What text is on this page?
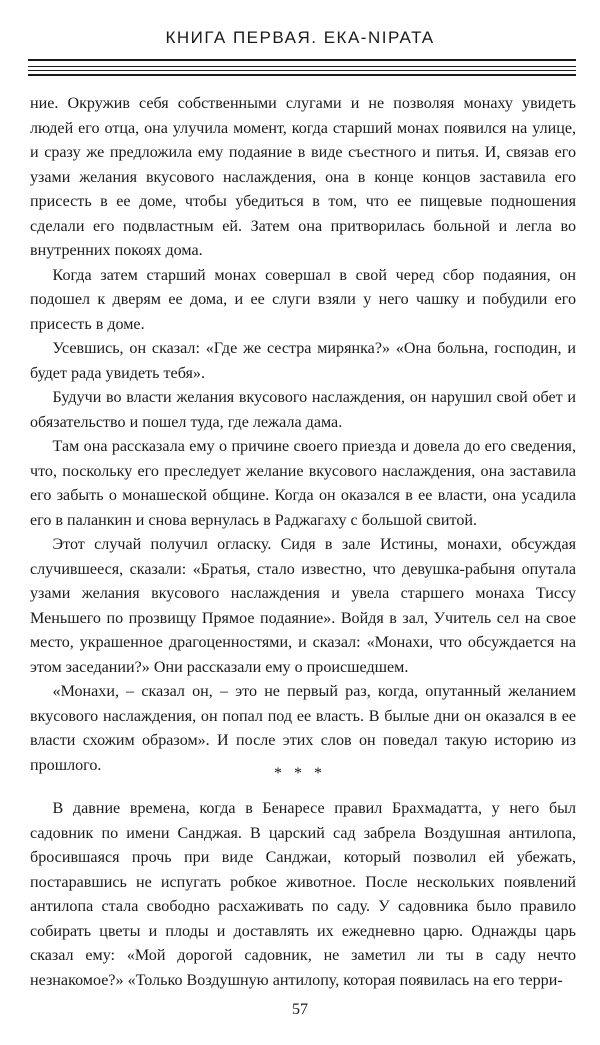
КНИГА ПЕРВАЯ. ЕКА-NIPATA

ние. Окружив себя собственными слугами и не позволяя монаху увидеть людей его отца, она улучила момент, когда старший монах появился на улице, и сразу же предложила ему подаяние в виде съестного и питья. И, связав его узами желания вкусового наслаждения, она в конце концов заставила его присесть в ее доме, чтобы убедиться в том, что ее пищевые подношения сделали его подвластным ей. Затем она притворилась больной и легла во внутренних покоях дома.

Когда затем старший монах совершал в свой черед сбор подаяния, он подошел к дверям ее дома, и ее слуги взяли у него чашку и побудили его присесть в доме.

Усевшись, он сказал: «Где же сестра мирянка?» «Она больна, господин, и будет рада увидеть тебя».

Будучи во власти желания вкусового наслаждения, он нарушил свой обет и обязательство и пошел туда, где лежала дама.

Там она рассказала ему о причине своего приезда и довела до его сведения, что, поскольку его преследует желание вкусового наслаждения, она заставила его забыть о монашеской общине. Когда он оказался в ее власти, она усадила его в паланкин и снова вернулась в Раджагаху с большой свитой.

Этот случай получил огласку. Сидя в зале Истины, монахи, обсуждая случившееся, сказали: «Братья, стало известно, что девушка-рабыня опутала узами желания вкусового наслаждения и увела старшего монаха Тиссу Меньшего по прозвищу Прямое подаяние». Войдя в зал, Учитель сел на свое место, украшенное драгоценностями, и сказал: «Монахи, что обсуждается на этом заседании?» Они рассказали ему о происшедшем.

«Монахи, – сказал он, – это не первый раз, когда, опутанный желанием вкусового наслаждения, он попал под ее власть. В былые дни он оказался в ее власти схожим образом». И после этих слов он поведал такую историю из прошлого.	* * *

В давние времена, когда в Бенаресе правил Брахмадатта, у него был садовник по имени Санджая. В царский сад забрела Воздушная антилопа, бросившаяся прочь при виде Санджаи, который позволил ей убежать, постаравшись не испугать робкое животное. После нескольких появлений антилопа стала свободно расхаживать по саду. У садовника было правило собирать цветы и плоды и доставлять их ежедневно царю. Однажды царь сказал ему: «Мой дорогой садовник, не заметил ли ты в саду нечто незнакомое?» «Только Воздушную антилопу, которая появилась на его терри-

57
